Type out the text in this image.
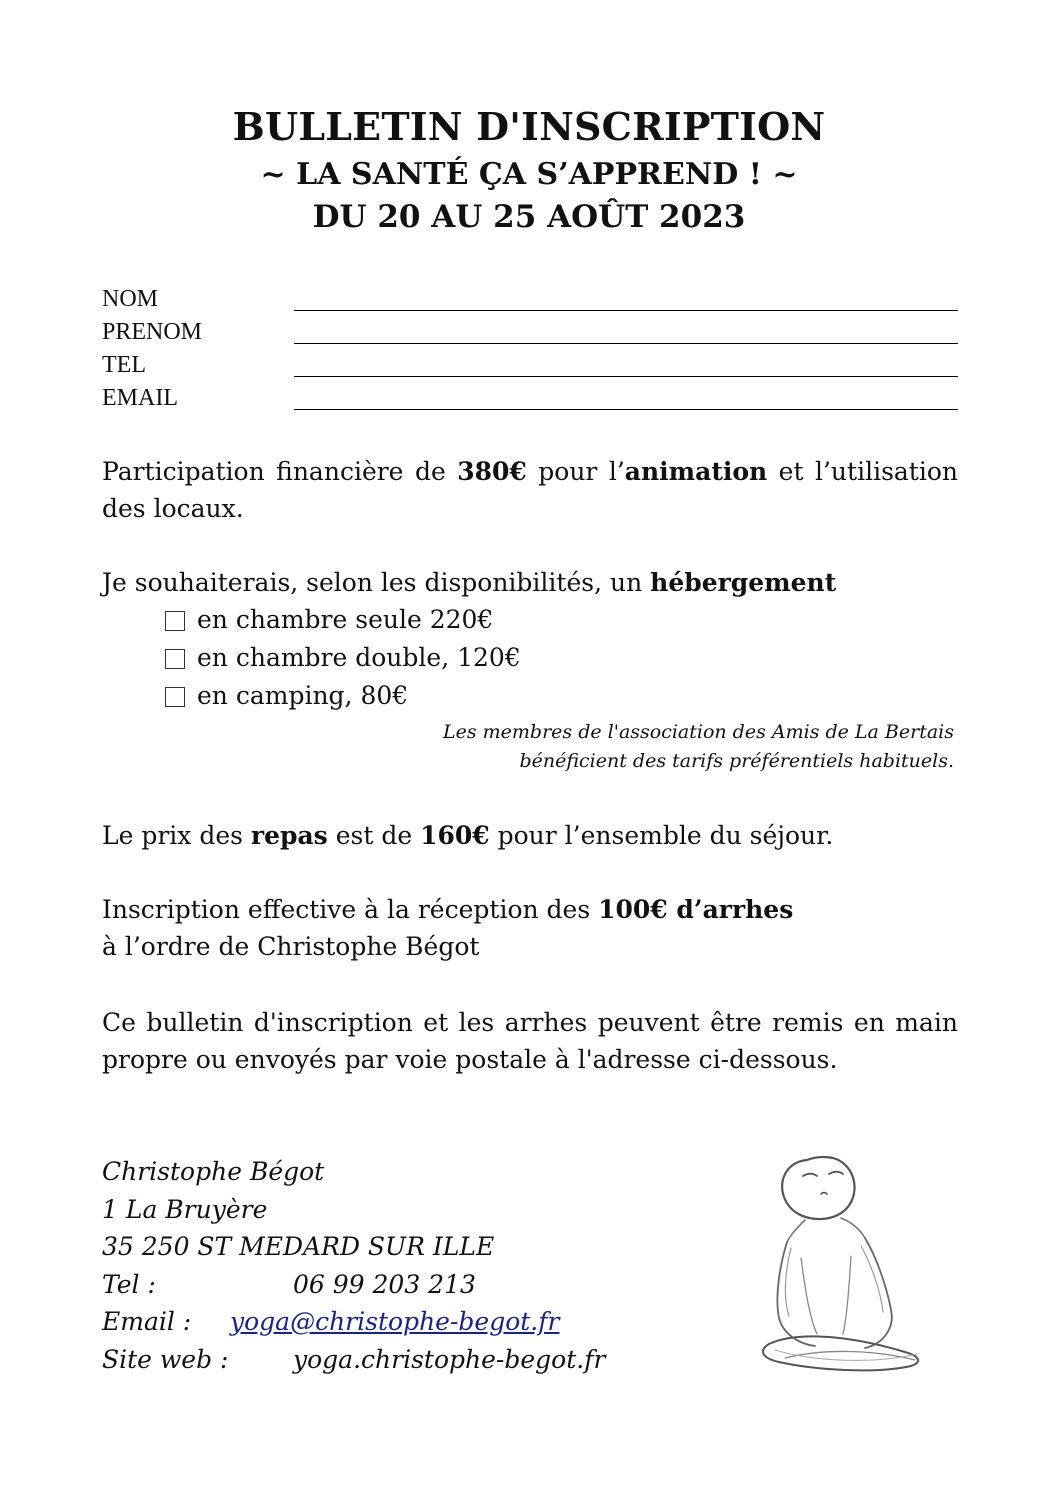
BULLETIN D'INSCRIPTION
~ LA SANTÉ ÇA S’APPREND ! ~
DU 20 AU 25 AOÛT 2023
NOM
PRENOM
TEL
EMAIL
Participation financière de 380€ pour l’animation et l’utilisation des locaux.
Je souhaiterais, selon les disponibilités, un hébergement
en chambre seule 220€
en chambre double, 120€
en camping, 80€
Les membres de l'association des Amis de La Bertais
bénéficient des tarifs préférentiels habituels.
Le prix des repas est de 160€ pour l’ensemble du séjour.
Inscription effective à la réception des 100€ d’arrhes
à l’ordre de Christophe Bégot
Ce bulletin d'inscription et les arrhes peuvent être remis en main propre ou envoyés par voie postale à l'adresse ci-dessous.
Christophe Bégot
1 La Bruyère
35 250 ST MEDARD SUR ILLE
Tel :	06 99 203 213
Email : yoga@christophe-begot.fr
Site web :	yoga.christophe-begot.fr
